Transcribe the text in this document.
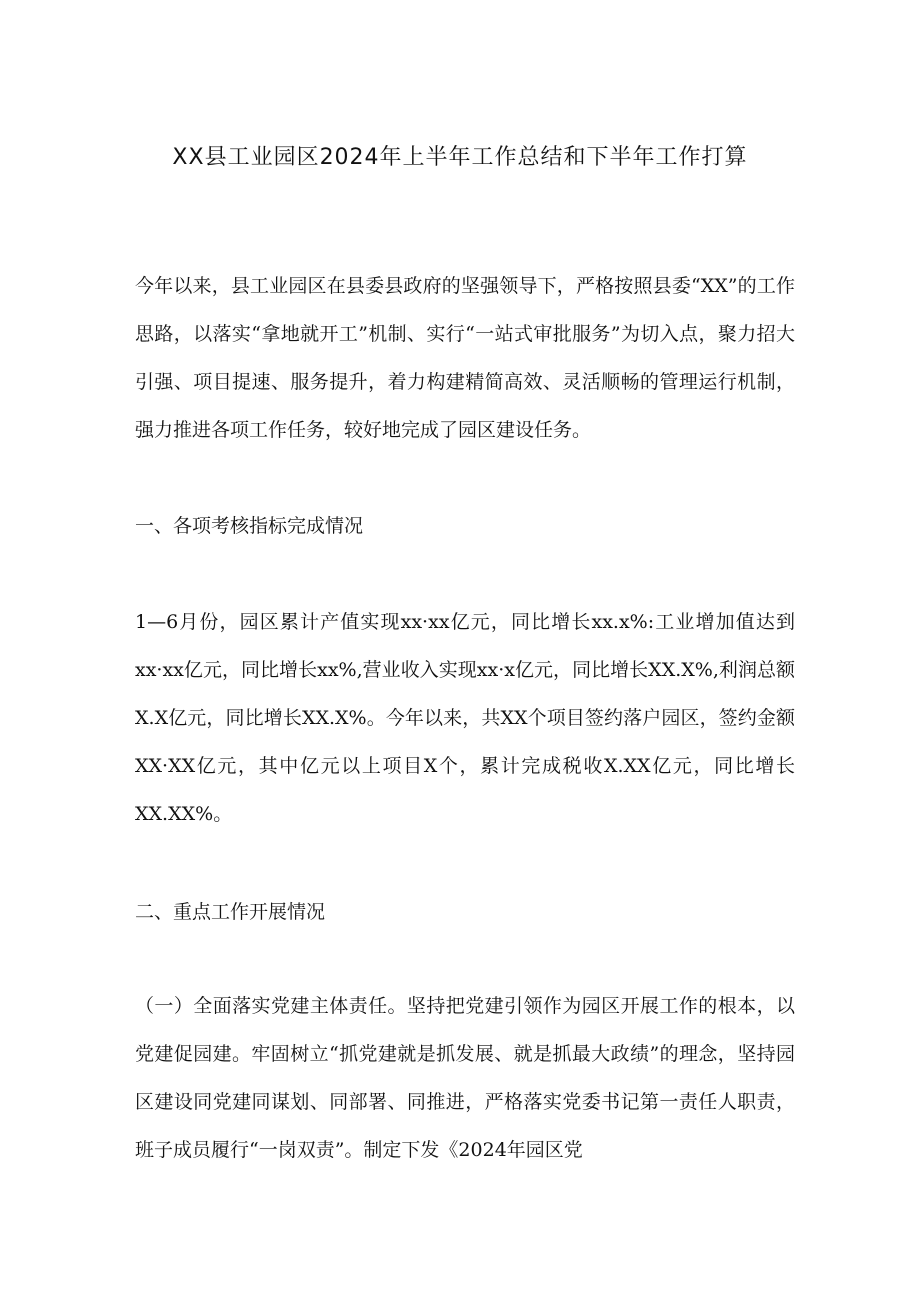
XX县工业园区2024年上半年工作总结和下半年工作打算
今年以来，县工业园区在县委县政府的坚强领导下，严格按照县委“XX”的工作思路，以落实“拿地就开工”机制、实行“一站式审批服务”为切入点，聚力招大引强、项目提速、服务提升，着力构建精简高效、灵活顺畅的管理运行机制，强力推进各项工作任务，较好地完成了园区建设任务。
一、各项考核指标完成情况
1—6月份，园区累计产值实现xx·xx亿元，同比增长xx.x%:工业增加值达到xx·xx亿元，同比增长xx%,营业收入实现xx·x亿元，同比增长XX.X%,利润总额X.X亿元，同比增长XX.X%。今年以来，共XX个项目签约落户园区，签约金额XX·XX亿元，其中亿元以上项目X个，累计完成税收X.XX亿元，同比增长XX.XX%。
二、重点工作开展情况
（一）全面落实党建主体责任。坚持把党建引领作为园区开展工作的根本，以党建促园建。牢固树立“抓党建就是抓发展、就是抓最大政绩”的理念，坚持园区建设同党建同谋划、同部署、同推进，严格落实党委书记第一责任人职责，班子成员履行“一岗双责”。制定下发《2024年园区党
